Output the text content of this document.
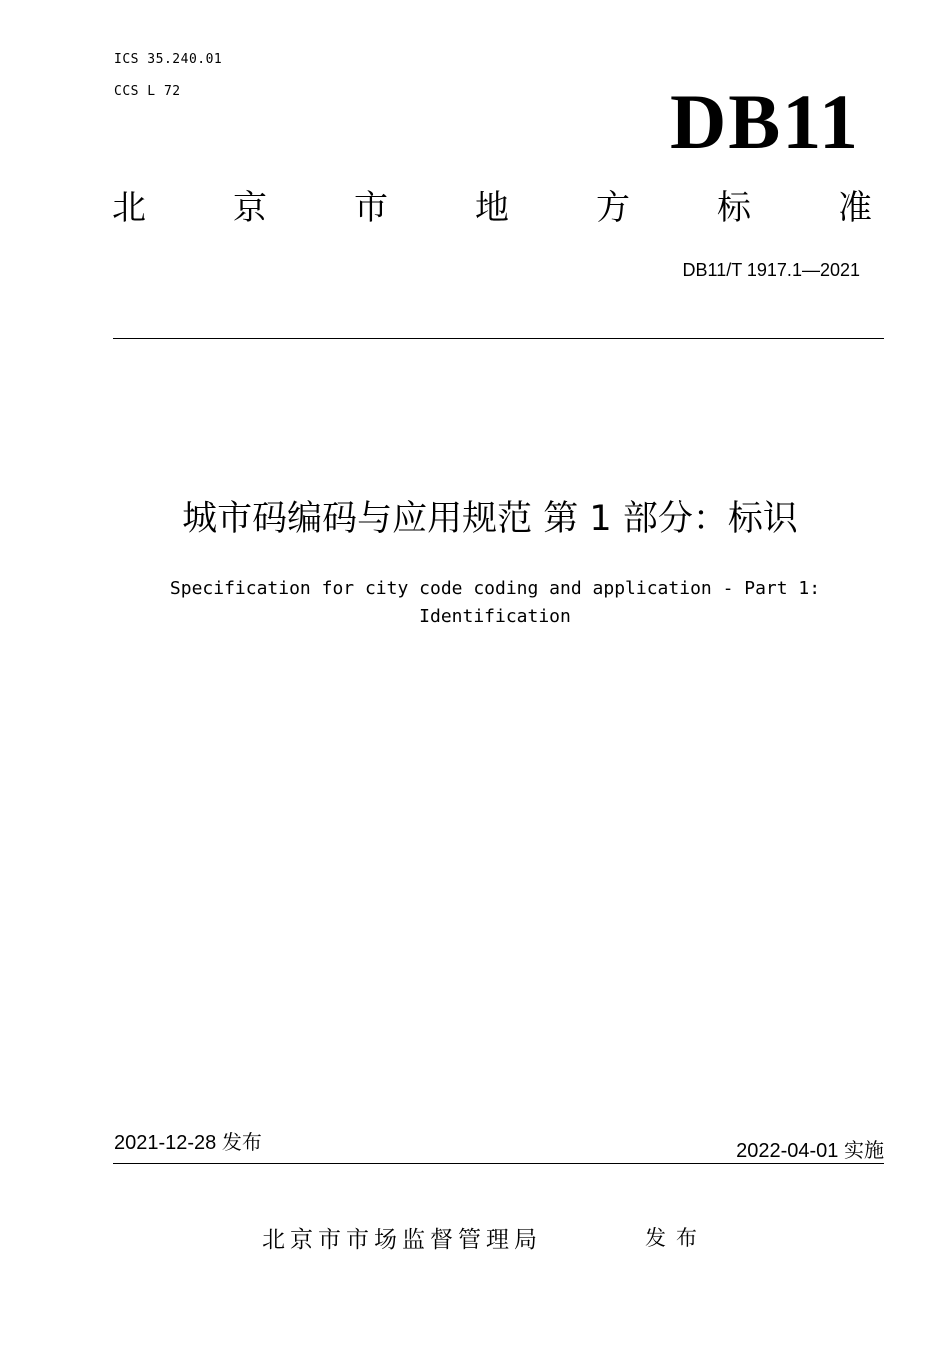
ICS 35.240.01
CCS L 72	DB11
北	京	市	地	方	标	准
DB11/T 1917.1—2021
城市码编码与应用规范 第 1 部分：标识
Specification for city code coding and application - Part 1:
Identification
2021-12-28 发布	2022-04-01 实施
北京市市场监督管理局	发布
